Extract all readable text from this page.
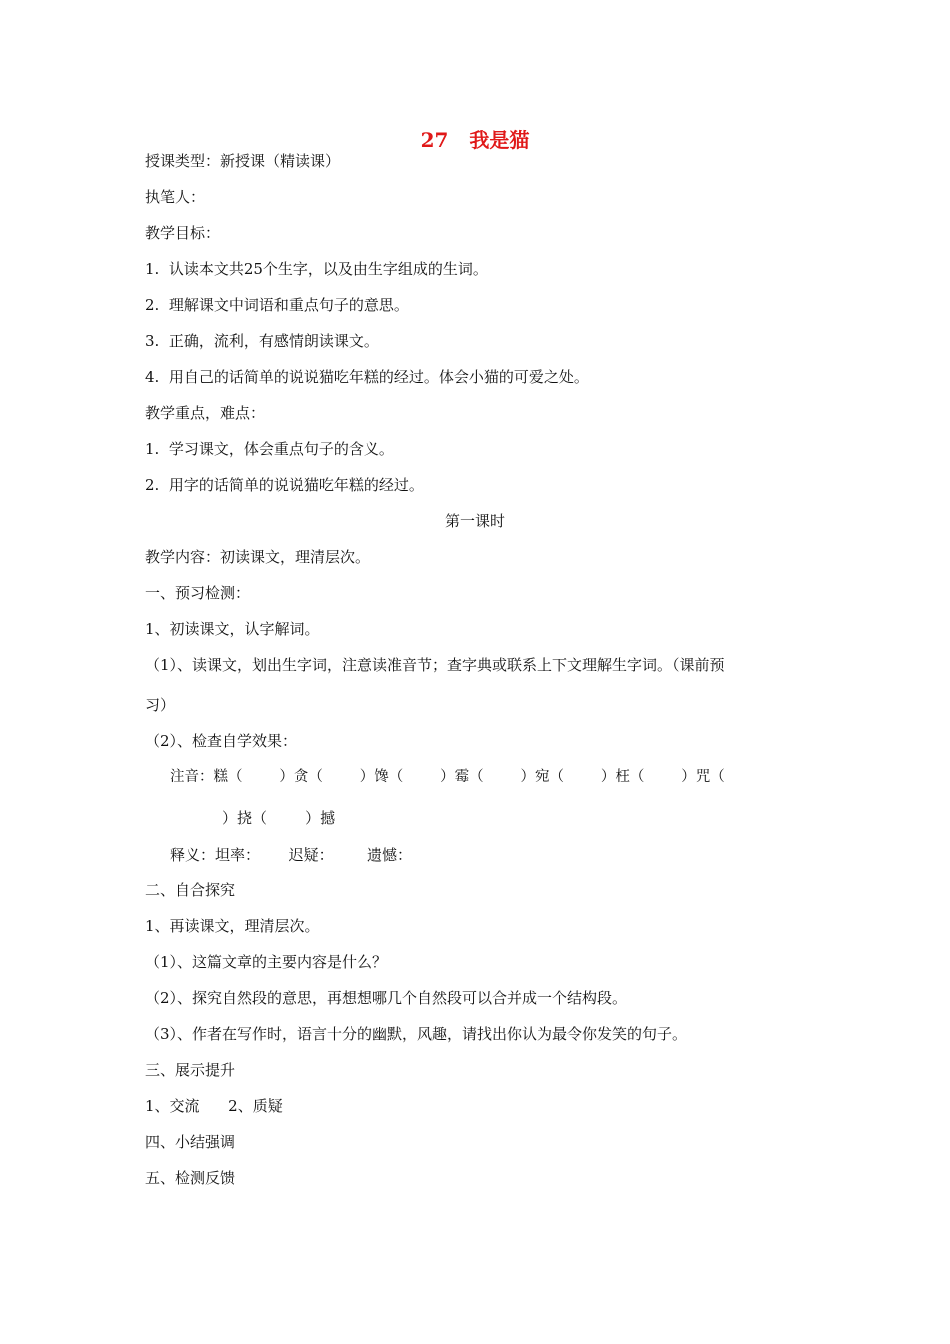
27   我是猫
授课类型：新授课（精读课）
执笔人：
教学目标：
1.  认读本文共25个生字，以及由生字组成的生词。
2.  理解课文中词语和重点句子的意思。
3.  正确，流利，有感情朗读课文。
4.  用自己的话简单的说说猫吃年糕的经过。体会小猫的可爱之处。
教学重点，难点：
1.  学习课文，体会重点句子的含义。
2.  用字的话简单的说说猫吃年糕的经过。
第一课时
教学内容：初读课文，理清层次。
一、预习检测：
1、初读课文，认字解词。
（1）、读课文，划出生字词，注意读准音节；查字典或联系上下文理解生字词。（课前预
习）
（2）、检查自学效果：
注音：糕（        ）贪（        ）馋（        ）霉（        ）宛（        ）枉（        ）咒（
）挠（        ）撼
释义：坦率：      迟疑：       遗憾：
二、自合探究
1、再读课文，理清层次。
（1）、这篇文章的主要内容是什么？
（2）、探究自然段的意思，再想想哪几个自然段可以合并成一个结构段。
（3）、作者在写作时，语言十分的幽默，风趣，请找出你认为最令你发笑的句子。
三、展示提升
1、交流      2、质疑
四、小结强调
五、检测反馈
